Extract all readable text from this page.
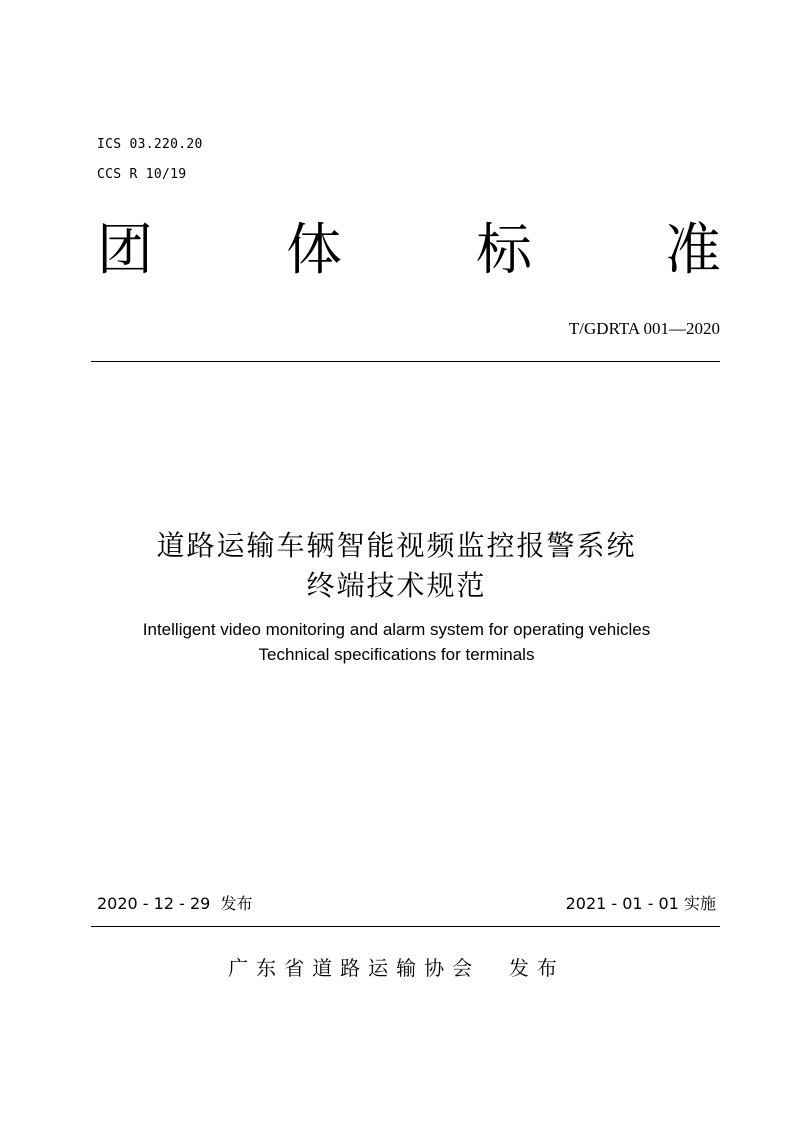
ICS 03.220.20
CCS R 10/19
团 体 标 准
T/GDRTA 001—2020
道路运输车辆智能视频监控报警系统
终端技术规范
Intelligent video monitoring and alarm system for operating vehicles
Technical specifications for terminals
2020 - 12 - 29  发布	2021 - 01 - 01 实施
广东省道路运输协会  发布
